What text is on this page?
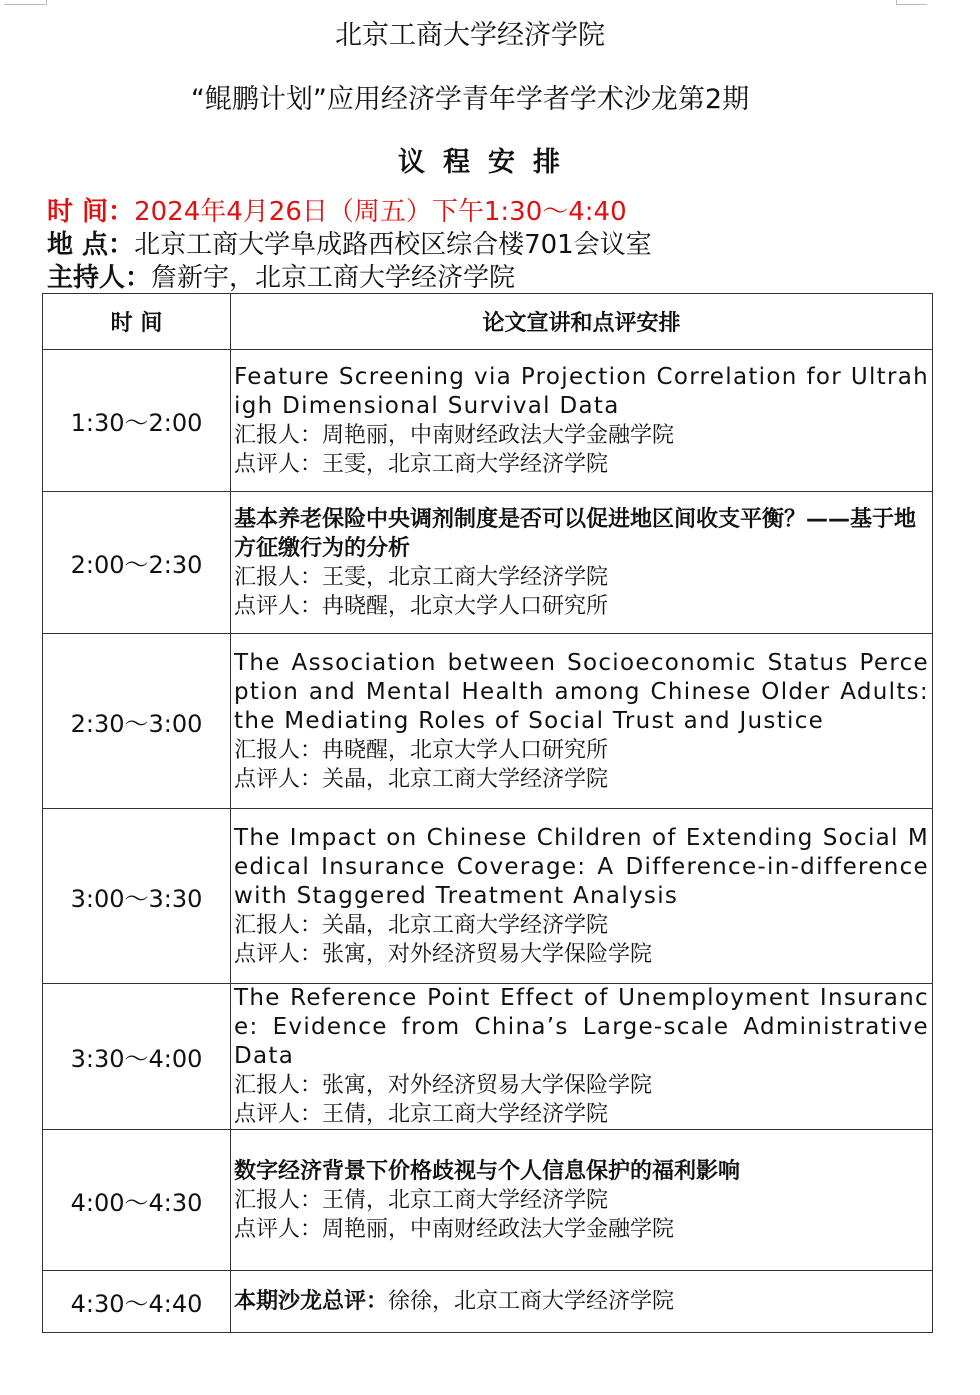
北京工商大学经济学院
“鲲鹏计划”应用经济学青年学者学术沙龙第2期
议程安排
时 间：2024年4月26日（周五）下午1:30～4:40
地 点：北京工商大学阜成路西校区综合楼701会议室
主持人：詹新宇，北京工商大学经济学院
时 间	论文宣讲和点评安排
1:30～2:00	Feature Screening via Projection Correlation for Ultrahigh Dimensional Survival Data
汇报人：周艳丽，中南财经政法大学金融学院
点评人：王雯，北京工商大学经济学院

2:00～2:30	基本养老保险中央调剂制度是否可以促进地区间收支平衡？——基于地方征缴行为的分析
汇报人：王雯，北京工商大学经济学院
点评人：冉晓醒，北京大学人口研究所

2:30～3:00	The Association between Socioeconomic Status Perception and Mental Health among Chinese Older Adults: the Mediating Roles of Social Trust and Justice
汇报人：冉晓醒，北京大学人口研究所
点评人：关晶，北京工商大学经济学院

3:00～3:30	The Impact on Chinese Children of Extending Social Medical Insurance Coverage: A Difference-in-difference with Staggered Treatment Analysis
汇报人：关晶，北京工商大学经济学院
点评人：张寓，对外经济贸易大学保险学院

3:30～4:00	The Reference Point Effect of Unemployment Insurance: Evidence from China’s Large-scale Administrative Data
汇报人：张寓，对外经济贸易大学保险学院
点评人：王倩，北京工商大学经济学院

4:00～4:30	数字经济背景下价格歧视与个人信息保护的福利影响
汇报人：王倩，北京工商大学经济学院
点评人：周艳丽，中南财经政法大学金融学院

4:30～4:40	本期沙龙总评：徐徐，北京工商大学经济学院
